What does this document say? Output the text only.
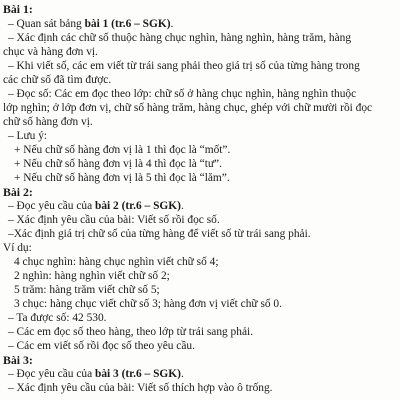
Bài 1:
– Quan sát bảng bài 1 (tr.6 – SGK).
– Xác định các chữ số thuộc hàng chục nghìn, hàng nghìn, hàng trăm, hàng
chục và hàng đơn vị.
– Khi viết số, các em viết từ trái sang phải theo giá trị số của từng hàng trong
các chữ số đã tìm được.
– Đọc số: Các em đọc theo lớp: chữ số ở hàng chục nghìn, hàng nghìn thuộc
lớp nghìn; ở lớp đơn vị, chữ số hàng trăm, hàng chục, ghép với chữ mười rồi đọc
chữ số hàng đơn vị.
– Lưu ý:
+ Nếu chữ số hàng đơn vị là 1 thì đọc là “mốt”.
+ Nếu chữ số hàng đơn vị là 4 thì đọc là “tư”.
+ Nếu chữ số hàng đơn vị là 5 thì đọc là “lăm”.
Bài 2:
– Đọc yêu cầu của bài 2 (tr.6 – SGK).
– Xác định yêu cầu của bài: Viết số rồi đọc số.
–Xác định giá trị chữ số của từng hàng để viết số từ trái sang phải.
Ví dụ:
4 chục nghìn: hàng chục nghìn viết chữ số 4;
2 nghìn: hàng nghìn viết chữ số 2;
5 trăm: hàng trăm viết chữ số 5;
3 chục: hàng chục viết chữ số 3; hàng đơn vị viết chữ số 0.
– Ta được số: 42 530.
– Các em đọc số theo hàng, theo lớp từ trái sang phải.
– Các em viết số rồi đọc số theo yêu cầu.
Bài 3:
– Đọc yêu cầu của bài 3 (tr.6 – SGK).
– Xác định yêu cầu của bài: Viết số thích hợp vào ô trống.
